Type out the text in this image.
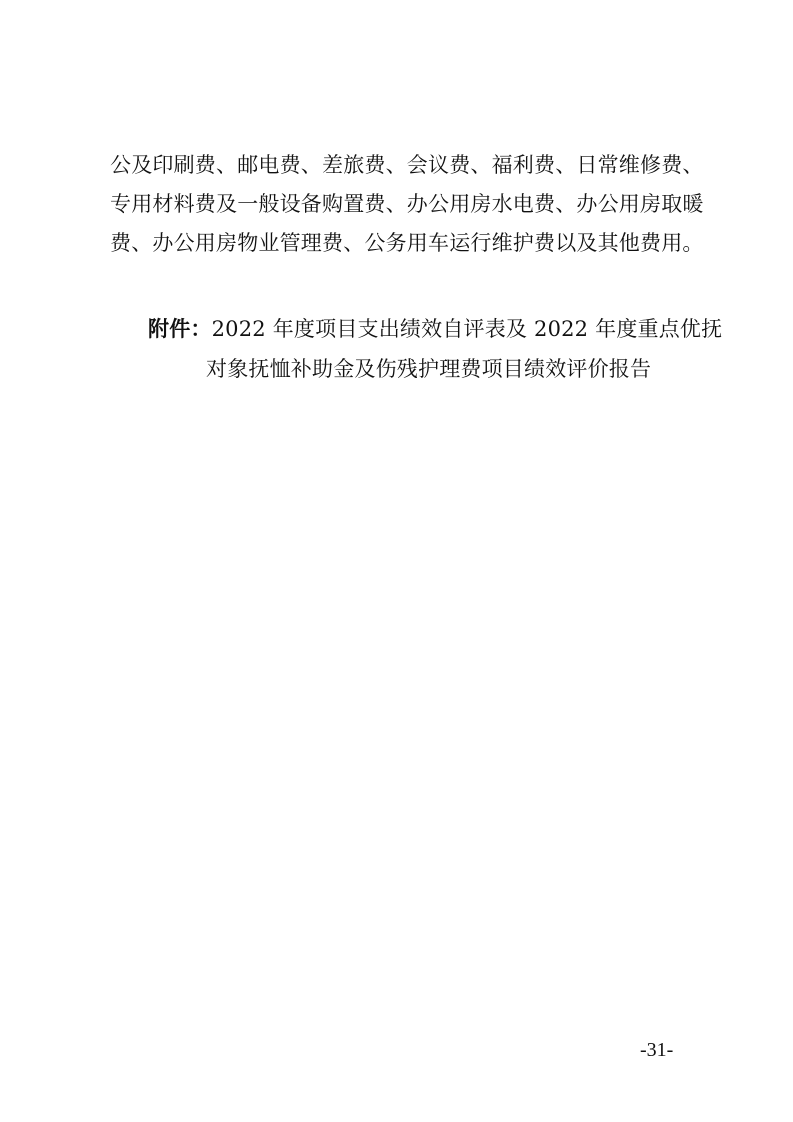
公及印刷费、邮电费、差旅费、会议费、福利费、日常维修费、
专用材料费及一般设备购置费、办公用房水电费、办公用房取暖
费、办公用房物业管理费、公务用车运行维护费以及其他费用。
附件：2022 年度项目支出绩效自评表及 2022 年度重点优抚
对象抚恤补助金及伤残护理费项目绩效评价报告
-31-
